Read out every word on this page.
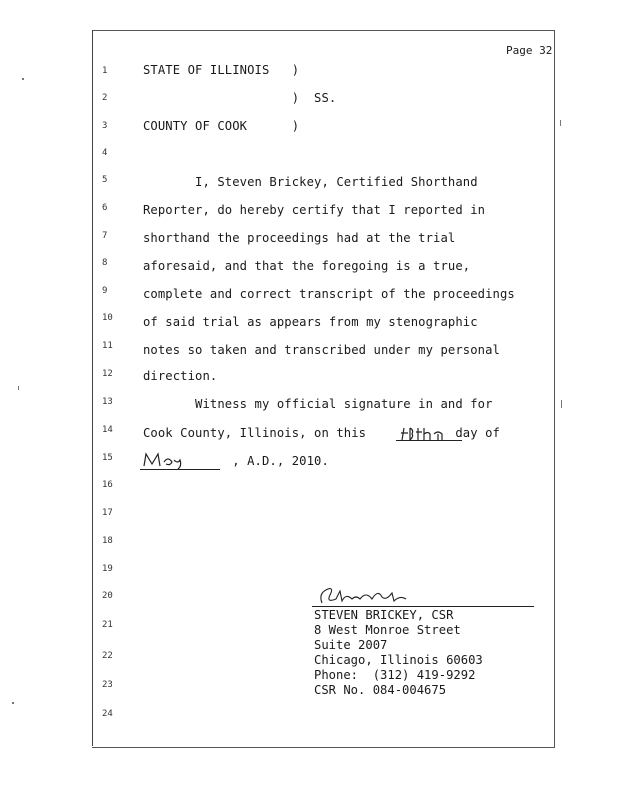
Page 32
1
2
3
4
5
6
7
8
9
10
11
12
13
14
15
16
17
18
19
20
21
22
23
24
STATE OF ILLINOIS   )
)  SS.
COUNTY OF COOK      )
I, Steven Brickey, Certified Shorthand
Reporter, do hereby certify that I reported in
shorthand the proceedings had at the trial
aforesaid, and that the foregoing is a true,
complete and correct transcript of the proceedings
of said trial as appears from my stenographic
notes so taken and transcribed under my personal
direction.
Witness my official signature in and for
Cook County, Illinois, on this            day of
, A.D., 2010.
STEVEN BRICKEY, CSR
8 West Monroe Street
Suite 2007
Chicago, Illinois 60603
Phone:  (312) 419-9292
CSR No. 084-004675
